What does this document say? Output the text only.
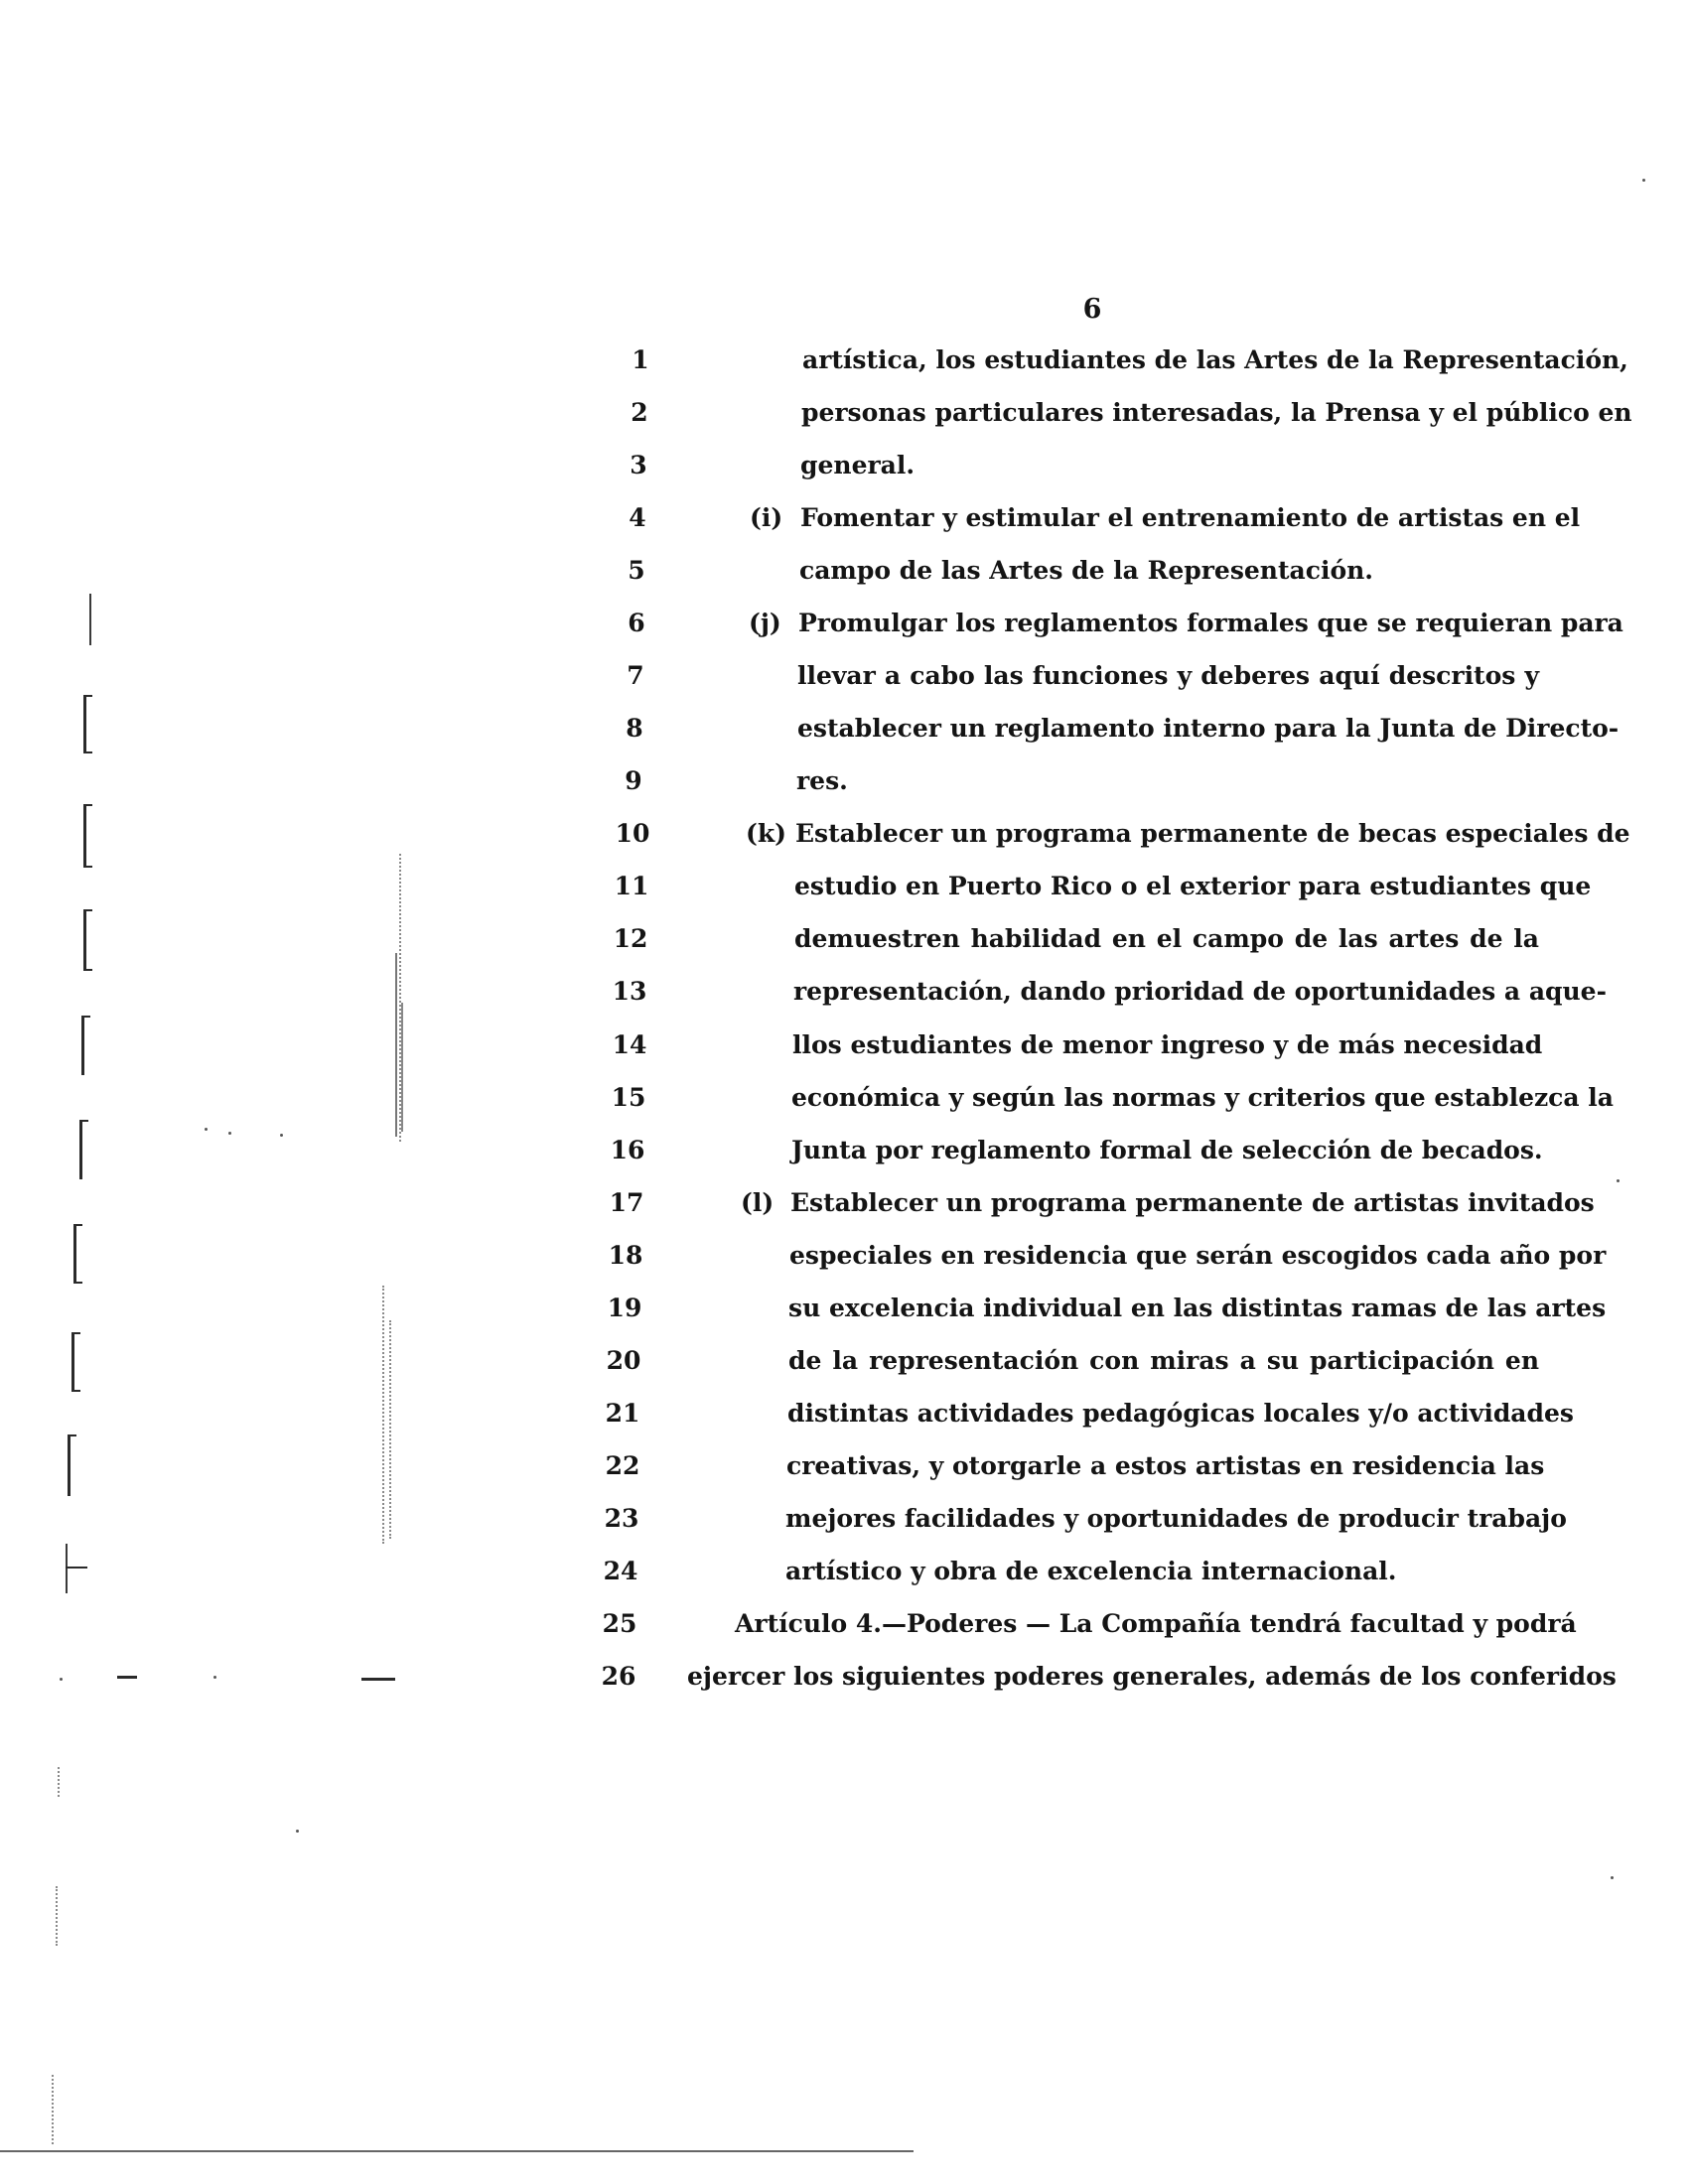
6
1	artística, los estudiantes de las Artes de la Representación,
2	personas particulares interesadas, la Prensa y el público en
3	general.
4	(i) Fomentar y estimular el entrenamiento de artistas en el
5	campo de las Artes de la Representación.
6	(j) Promulgar los reglamentos formales que se requieran para
7	llevar a cabo las funciones y deberes aquí descritos y
8	establecer un reglamento interno para la Junta de Directo-
9	res.
10	(k) Establecer un programa permanente de becas especiales de
11	estudio en Puerto Rico o el exterior para estudiantes que
12	demuestren habilidad en el campo de las artes de la
13	representación, dando prioridad de oportunidades a aque-
14	llos estudiantes de menor ingreso y de más necesidad
15	económica y según las normas y criterios que establezca la
16	Junta por reglamento formal de selección de becados.
17	(l) Establecer un programa permanente de artistas invitados
18	especiales en residencia que serán escogidos cada año por
19	su excelencia individual en las distintas ramas de las artes
20	de la representación con miras a su participación en
21	distintas actividades pedagógicas locales y/o actividades
22	creativas, y otorgarle a estos artistas en residencia las
23	mejores facilidades y oportunidades de producir trabajo
24	artístico y obra de excelencia internacional.
25	Artículo 4.—Poderes — La Compañía tendrá facultad y podrá
26	ejercer los siguientes poderes generales, además de los conferidos
